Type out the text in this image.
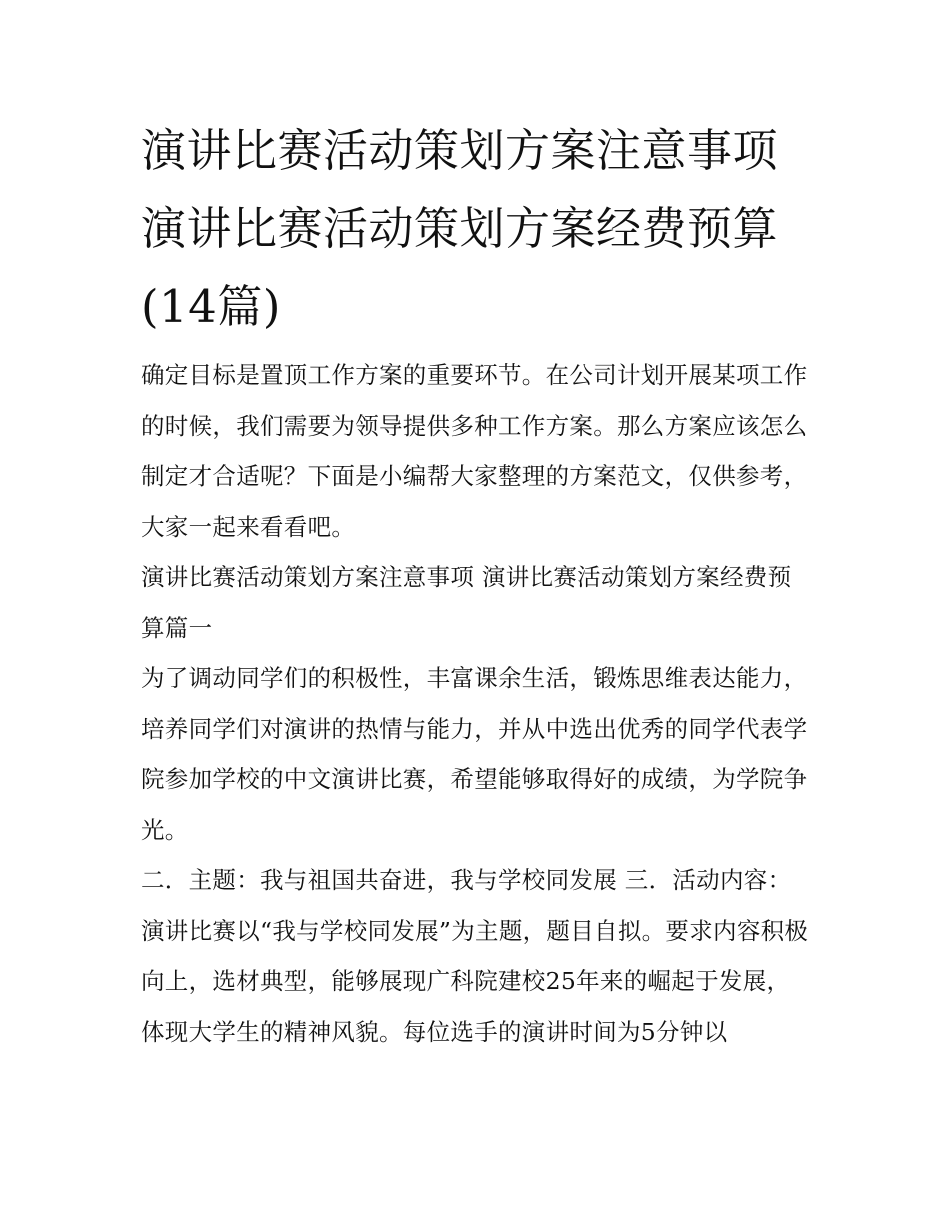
演讲比赛活动策划方案注意事项 演讲比赛活动策划方案经费预算(14篇)

确定目标是置顶工作方案的重要环节。在公司计划开展某项工作的时候，我们需要为领导提供多种工作方案。那么方案应该怎么制定才合适呢？下面是小编帮大家整理的方案范文，仅供参考，大家一起来看看吧。

演讲比赛活动策划方案注意事项 演讲比赛活动策划方案经费预算篇一

为了调动同学们的积极性，丰富课余生活，锻炼思维表达能力，培养同学们对演讲的热情与能力，并从中选出优秀的同学代表学院参加学校的中文演讲比赛，希望能够取得好的成绩，为学院争光。

二．主题：我与祖国共奋进，我与学校同发展 三．活动内容：

演讲比赛以“我与学校同发展”为主题，题目自拟。要求内容积极向上，选材典型，能够展现广科院建校25年来的崛起于发展，体现大学生的精神风貌。每位选手的演讲时间为5分钟以
